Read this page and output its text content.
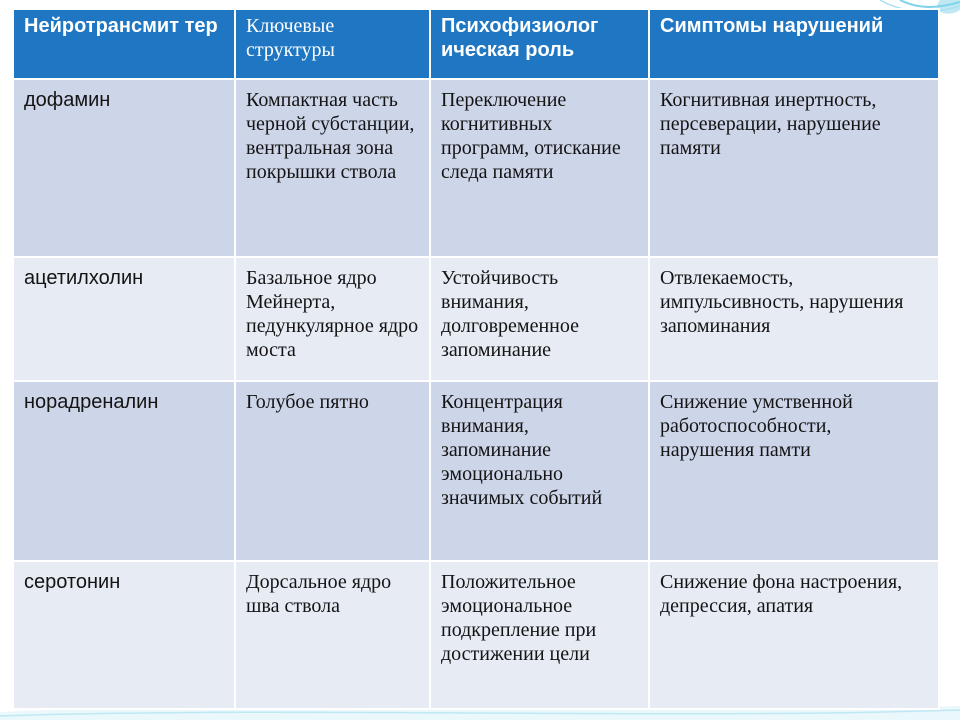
Нейротрансмит тер	Ключевые структуры	Психофизиолог ическая роль	Симптомы нарушений
дофамин	Компактная часть черной субстанции, вентральная зона покрышки ствола	Переключение когнитивных программ, отискание следа памяти	Когнитивная инертность, персеверации, нарушение памяти
ацетилхолин	Базальное ядро Мейнерта, педункулярное ядро моста	Устойчивость внимания, долговременное запоминание	Отвлекаемость, импульсивность, нарушения запоминания
норадреналин	Голубое пятно	Концентрация внимания, запоминание эмоционально значимых событий	Снижение умственной работоспособности, нарушения памти
серотонин	Дорсальное ядро шва ствола	Положительное эмоциональное подкрепление при достижении цели	Снижение фона настроения, депрессия, апатия
